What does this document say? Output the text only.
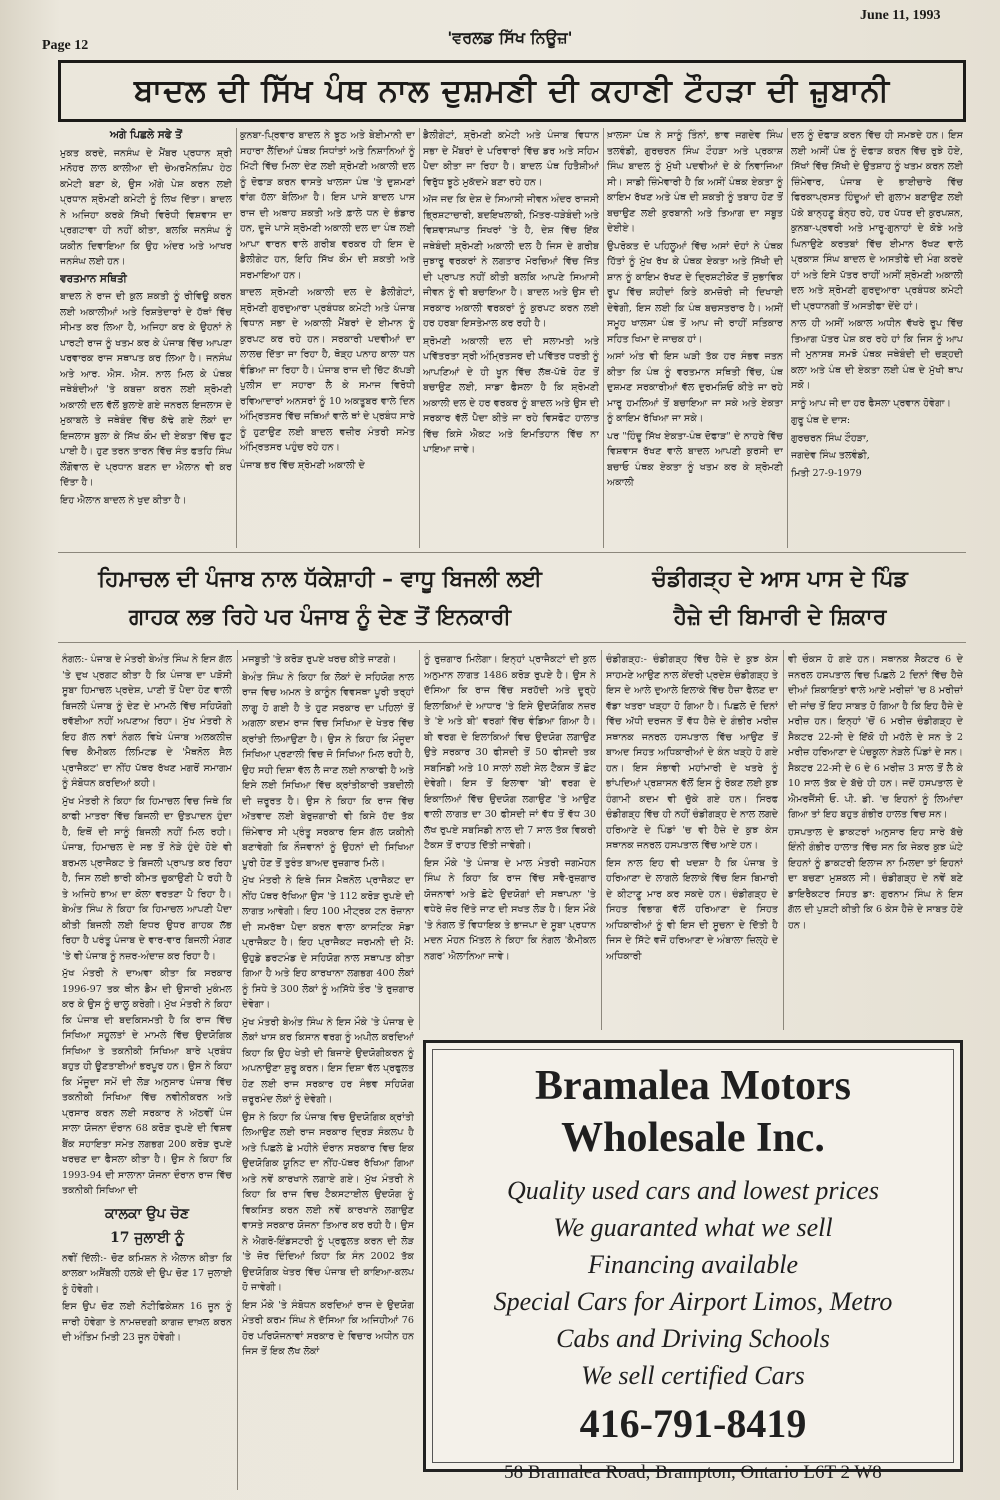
Page 12	'ਵਰਲਡ ਸਿੱਖ ਨਿਊਜ਼'
June 11, 1993
ਬਾਦਲ ਦੀ ਸਿੱਖ ਪੰਥ ਨਾਲ ਦੁਸ਼ਮਣੀ ਦੀ ਕਹਾਣੀ ਟੌਹੜਾ ਦੀ ਜ਼ੁਬਾਨੀ

ਅਗੇ ਪਿਛਲੇ ਸਫੇ ਤੋਂ

ਮੁਕਤ ਕਰਦੇ, ਜਨਸੰਘ ਦੇ ਮੈਂਬਰ ਪ੍ਰਧਾਨ ਸ਼੍ਰੀ ਮਨੋਹਰ ਲਾਲ ਕਾਲੀਆ ਦੀ ਚੇਅਰਮੈਨਸ਼ਿਪ ਹੇਠ ਕਮੇਟੀ ਬਣਾ ਕੇ, ਉਸ ਅੱਗੇ ਪੇਸ਼ ਕਰਨ ਲਈ ਪ੍ਰਧਾਨ ਸ਼੍ਰੋਮਣੀ ਕਮੇਟੀ ਨੂੰ ਲਿਖ ਦਿੱਤਾ। ਬਾਦਲ ਨੇ ਅਜਿਹਾ ਕਰਕੇ ਸਿੱਖੀ ਵਿਰੋਧੀ ਵਿਸ਼ਵਾਸ ਦਾ ਪ੍ਰਗਟਾਵਾ ਹੀ ਨਹੀਂ ਕੀਤਾ, ਬਲਕਿ ਜਨਸੰਘ ਨੂੰ ਯਕੀਨ ਦਿਵਾਇਆ ਕਿ ਉਹ ਅੰਦਰ ਅਤੇ ਆਖਰ ਜਨਸੰਘ ਲਈ ਹਨ।

ਵਰਤਮਾਨ ਸਥਿਤੀ

ਬਾਦਲ ਨੇ ਰਾਜ ਦੀ ਕੁਲ ਸ਼ਕਤੀ ਨੂੰ ਰੀਵਿਊ ਕਰਨ ਲਈ ਅਕਾਲੀਆਂ ਅਤੇ ਰਿਸ਼ਤੇਦਾਰਾਂ ਦੇ ਹੱਥਾਂ ਵਿੱਚ ਸੀਮਤ ਕਰ ਲਿਆ ਹੈ, ਅਜਿਹਾ ਕਰ ਕੇ ਉਹਨਾਂ ਨੇ ਪਾਰਟੀ ਰਾਜ ਨੂੰ ਖਤਮ ਕਰ ਕੇ ਪੰਜਾਬ ਵਿੱਚ ਆਪਣਾ ਪਰਵਾਰਕ ਰਾਜ ਸਥਾਪਤ ਕਰ ਲਿਆ ਹੈ। ਜਨਸੰਘ ਅਤੇ ਆਰ. ਐਸ. ਐਸ. ਨਾਲ ਮਿਲ ਕੇ ਪੰਥਕ ਜਥੇਬੰਦੀਆਂ 'ਤੇ ਕਬਜ਼ਾ ਕਰਨ ਲਈ ਸ਼੍ਰੋਮਣੀ ਅਕਾਲੀ ਦਲ ਵੱਲੋਂ ਬੁਲਾਏ ਗਏ ਜਨਰਲ ਇਜਲਾਸ ਦੇ ਮੁਕਾਬਲੇ ਤੇ ਜਥੇਬੰਦ ਵਿੱਚ ਕੱਢੇ ਗਏ ਲੋਕਾਂ ਦਾ ਇਜਲਾਸ ਬੁਲਾ ਕੇ ਸਿੱਖ ਕੌਮ ਦੀ ਏਕਤਾ ਵਿੱਚ ਫੁਟ ਪਾਈ ਹੈ। ਹੁਣ ਤਰਨ ਤਾਰਨ ਵਿੱਚ ਸੰਤ ਫਤਹਿ ਸਿੰਘ ਲੌਂਗੋਵਾਲ ਦੇ ਪ੍ਰਧਾਨ ਬਣਨ ਦਾ ਐਲਾਨ ਵੀ ਕਰ ਦਿੱਤਾ ਹੈ।

ਇਹ ਐਲਾਨ ਬਾਦਲ ਨੇ ਖੁਦ ਕੀਤਾ ਹੈ।

ਕੁਨਬਾ-ਪ੍ਰਿਵਾਰ ਬਾਦਲ ਨੇ ਝੂਠ ਅਤੇ ਬੇਈਮਾਨੀ ਦਾ ਸਹਾਰਾ ਲੈਂਦਿਆਂ ਪੰਥਕ ਸਿਧਾਂਤਾਂ ਅਤੇ ਨਿਸ਼ਾਨਿਆਂ ਨੂੰ ਮਿੱਟੀ ਵਿੱਚ ਮਿਲਾ ਦੇਣ ਲਈ ਸ਼੍ਰੋਮਣੀ ਅਕਾਲੀ ਦਲ ਨੂੰ ਦੋਫਾੜ ਕਰਨ ਵਾਸਤੇ ਖਾਲਸਾ ਪੰਥ 'ਤੇ ਦੁਸ਼ਮਣਾਂ ਵਾਂਗ ਹੱਲਾ ਬੋਲਿਆ ਹੈ। ਇਸ ਪਾਸੇ ਬਾਦਲ ਪਾਸ ਰਾਜ ਦੀ ਅਥਾਹ ਸ਼ਕਤੀ ਅਤੇ ਫ਼ਾਲੇ ਧਨ ਦੇ ਭੰਡਾਰ ਹਨ, ਦੂਜੇ ਪਾਸੇ ਸ਼੍ਰੋਮਣੀ ਅਕਾਲੀ ਦਲ ਦਾ ਪੰਥ ਲਈ ਆਪਾ ਵਾਰਨ ਵਾਲੇ ਗਰੀਬ ਵਰਕਰ ਹੀ ਇਸ ਦੇ ਡੈਲੀਗੇਟ ਹਨ, ਇਹਿ ਸਿੱਖ ਕੌਮ ਦੀ ਸ਼ਕਤੀ ਅਤੇ ਸਰਮਾਇਆ ਹਨ।

ਬਾਦਲ ਸ਼੍ਰੋਮਣੀ ਅਕਾਲੀ ਦਲ ਦੇ ਡੈਲੀਗੇਟਾਂ, ਸ਼੍ਰੋਮਣੀ ਗੁਰਦੁਆਰਾ ਪ੍ਰਬੰਧਕ ਕਮੇਟੀ ਅਤੇ ਪੰਜਾਬ ਵਿਧਾਨ ਸਭਾ ਦੇ ਅਕਾਲੀ ਮੈਂਬਰਾਂ ਦੇ ਈਮਾਨ ਨੂੰ ਕੁਰਪਟ ਕਰ ਰਹੇ ਹਨ। ਸਰਕਾਰੀ ਪਦਵੀਆਂ ਦਾ ਲਾਲਚ ਦਿੱਤਾ ਜਾ ਰਿਹਾ ਹੈ, ਥੋੜ੍ਹ ਪਨਾਹ ਕਾਲਾ ਧਨ ਵੰਡਿਆ ਜਾ ਰਿਹਾ ਹੈ। ਪੰਜਾਬ ਰਾਜ ਦੀ ਚਿੱਟ ਕੱਪੜੀ ਪੁਲੀਸ ਦਾ ਸਹਾਰਾ ਲੈ ਕੇ ਸਮਾਜ ਵਿਰੋਧੀ ਰਵਿਆਦਾਰਾਂ ਅਨਸਰਾਂ ਨੂੰ 10 ਅਕਤੂਬਰ ਵਾਲੇ ਦਿਨ ਅੰਮ੍ਰਿਤਸਰ ਵਿੱਚ ਜਥਿਆਂ ਵਾਲੇ ਥਾਂ ਦੇ ਪ੍ਰਬੰਧ ਸਾਰੇ ਨੂੰ ਹੁਣਾਉਣ ਲਈ ਬਾਦਲ ਵਜ਼ੀਰ ਮੰਤਰੀ ਸਮੇਤ ਅੰਮ੍ਰਿਤਸਰ ਪਹੁੰਚ ਰਹੇ ਹਨ।

ਪੰਜਾਬ ਭਰ ਵਿੱਚ ਸ਼੍ਰੋਮਣੀ ਅਕਾਲੀ ਦੇ

ਡੈਲੀਗੇਟਾਂ, ਸ਼੍ਰੋਮਣੀ ਕਮੇਟੀ ਅਤੇ ਪੰਜਾਬ ਵਿਧਾਨ ਸਭਾ ਦੇ ਮੈਂਬਰਾਂ ਦੇ ਪਰਿਵਾਰਾਂ ਵਿੱਚ ਡਰ ਅਤੇ ਸਹਿਮ ਪੈਦਾ ਕੀਤਾ ਜਾ ਰਿਹਾ ਹੈ। ਬਾਦਲ ਪੰਥ ਹਿਤੈਸ਼ੀਆਂ ਵਿਰੁੱਧ ਝੂਠੇ ਮੁਕੱਦਮੇ ਬਣਾ ਰਹੇ ਹਨ।

ਅੱਜ ਜਦ ਕਿ ਦੇਸ਼ ਦੇ ਸਿਆਸੀ ਜੀਵਨ ਅੰਦਰ ਰਾਜਸੀ ਭ੍ਰਿਸ਼ਟਾਚਾਰੀ, ਬਦਇਖਲਾਕੀ, ਮਿੱਤਰ-ਧੜੇਬੰਦੀ ਅਤੇ ਵਿਸ਼ਵਾਸਘਾਤ ਸਿਖਰਾਂ 'ਤੇ ਹੈ, ਦੇਸ਼ ਵਿੱਚ ਇੱਕ ਜਥੇਬੰਦੀ ਸ਼੍ਰੋਮਣੀ ਅਕਾਲੀ ਦਲ ਹੈ ਜਿਸ ਦੇ ਗਰੀਬ ਜੁਝਾਰੂ ਵਰਕਰਾਂ ਨੇ ਲਗਤਾਰ ਮੋਰਚਿਆਂ ਵਿੱਚ ਜਿੱਤ ਦੀ ਪ੍ਰਾਪਤ ਨਹੀਂ ਕੀਤੀ ਬਲਕਿ ਆਪਣੇ ਸਿਆਸੀ ਜੀਵਨ ਨੂੰ ਵੀ ਬਚਾਇਆ ਹੈ। ਬਾਦਲ ਅਤੇ ਉਸ ਦੀ ਸਰਕਾਰ ਅਕਾਲੀ ਵਰਕਰਾਂ ਨੂੰ ਕੁਰਪਟ ਕਰਨ ਲਈ ਹਰ ਹਰਬਾ ਇਸਤੇਮਾਲ ਕਰ ਰਹੀ ਹੈ।

ਸ਼੍ਰੋਮਣੀ ਅਕਾਲੀ ਦਲ ਦੀ ਸਲਾਮਤੀ ਅਤੇ ਪਵਿੱਤਰਤਾ ਸ੍ਰੀ ਅੰਮ੍ਰਿਤਸਰ ਦੀ ਪਵਿੱਤਰ ਧਰਤੀ ਨੂੰ ਆਪਣਿਆਂ ਦੇ ਹੀ ਖੂਨ ਵਿੱਚ ਲੱਥ-ਪੱਥੋ ਹੋਣ ਤੋਂ ਬਚਾਉਣ ਲਈ, ਸਾਡਾ ਫੈਸਲਾ ਹੈ ਕਿ ਸ਼੍ਰੋਮਣੀ ਅਕਾਲੀ ਦਲ ਦੇ ਹਰ ਵਰਕਰ ਨੂੰ ਬਾਦਲ ਅਤੇ ਉਸ ਦੀ ਸਰਕਾਰ ਵੱਲੋਂ ਪੈਦਾ ਕੀਤੇ ਜਾ ਰਹੇ ਵਿਸਫੋਟ ਹਾਲਾਤ ਵਿੱਚ ਕਿਸੇ ਐਕਟ ਅਤੇ ਇਮਤਿਹਾਨ ਵਿੱਚ ਨਾ ਪਾਇਆ ਜਾਵੇ।

ਖ਼ਾਲਸਾ ਪੰਥ ਨੇ ਸਾਨੂੰ ਤਿੰਨਾਂ, ਭਾਵ ਜਗਦੇਵ ਸਿੰਘ ਤਲਵੰਡੀ, ਗੁਰਚਰਨ ਸਿੰਘ ਟੌਹੜਾ ਅਤੇ ਪ੍ਰਕਾਸ਼ ਸਿੰਘ ਬਾਦਲ ਨੂੰ ਮੁੱਖੀ ਪਦਵੀਆਂ ਦੇ ਕੇ ਨਿਵਾਜਿਆ ਸੀ। ਸਾਡੀ ਜ਼ਿੰਮੇਵਾਰੀ ਹੈ ਕਿ ਅਸੀਂ ਪੰਥਕ ਏਕਤਾ ਨੂੰ ਕਾਇਮ ਰੱਖਣ ਅਤੇ ਪੰਥ ਦੀ ਸ਼ਕਤੀ ਨੂੰ ਤਬਾਹ ਹੋਣ ਤੋਂ ਬਚਾਉਣ ਲਈ ਕੁਰਬਾਨੀ ਅਤੇ ਤਿਆਗ ਦਾ ਸਬੂਤ ਦੇਈਏ।

ਉਪਰੋਕਤ ਦੋ ਪਹਿਲੂਆਂ ਵਿੱਚ ਅਸਾਂ ਦੋਹਾਂ ਨੇ ਪੰਥਕ ਹਿੱਤਾਂ ਨੂੰ ਮੁੱਖ ਰੱਖ ਕੇ ਪੰਥਕ ਏਕਤਾ ਅਤੇ ਸਿੱਖੀ ਦੀ ਸ਼ਾਨ ਨੂੰ ਕਾਇਮ ਰੱਖਣ ਦੇ ਦ੍ਰਿਸ਼ਟੀਕੋਣ ਤੋਂ ਸੁਭਾਵਿਕ ਰੂਪ ਵਿੱਚ ਸ਼ਹੀਦਾਂ ਕਿਤੇ ਕਮਜ਼ੋਰੀ ਜੀ ਦਿਖਾਈ ਦੇਵੇਗੀ, ਇਸ ਲਈ ਕਿ ਪੰਥ ਬਚਸਤਰਾਰ ਹੈ। ਅਸੀਂ ਸਮੂਹ ਖਾਲਸਾ ਪੰਥ ਤੋਂ ਆਪ ਜੀ ਰਾਹੀਂ ਸਤਿਕਾਰ ਸਹਿਤ ਖਿਮਾ ਦੇ ਜਾਚਕ ਹਾਂ।

ਅਸਾਂ ਅੰਤ ਵੀ ਇਸ ਘੜੀ ਤੱਕ ਹਰ ਸੰਭਵ ਜਤਨ ਕੀਤਾ ਕਿ ਪੰਥ ਨੂੰ ਵਰਤਮਾਨ ਸਥਿਤੀ ਵਿੱਚ, ਪੰਥ ਦੁਸ਼ਮਣ ਸਰਕਾਰੀਆਂ ਵੱਲ ਦੁਰਮਸ਼ਿਓ ਕੀਤੇ ਜਾ ਰਹੇ ਮਾਰੂ ਹਮਲਿਆਂ ਤੋਂ ਬਚਾਇਆ ਜਾ ਸਕੇ ਅਤੇ ਏਕਤਾ ਨੂੰ ਕਾਇਮ ਰੱਖਿਆ ਜਾ ਸਕੇ।

ਪਰ "ਹਿੰਦੂ ਸਿੱਖ ਏਕਤਾ-ਪੰਥ ਦੋਫਾੜ" ਦੇ ਨਾਹਰੇ ਵਿੱਚ ਵਿਸ਼ਵਾਸ ਰੱਖਣ ਵਾਲੇ ਬਾਦਲ ਆਪਣੀ ਕੁਰਸੀ ਦਾ ਬਚਾਓ ਪੰਥਕ ਏਕਤਾ ਨੂੰ ਖਤਮ ਕਰ ਕੇ ਸ਼੍ਰੋਮਣੀ ਅਕਾਲੀ

ਦਲ ਨੂੰ ਦੋਫਾੜ ਕਰਨ ਵਿੱਚ ਹੀ ਸਮਝਦੇ ਹਨ। ਇਸ ਲਈ ਅਸੀਂ ਪੰਥ ਨੂੰ ਦੋਫਾੜ ਕਰਨ ਵਿੱਚ ਰੁਝੇ ਹੋਏ, ਸਿੱਖਾਂ ਵਿੱਚ ਸਿੱਖੀ ਦੇ ਉਤਸ਼ਾਹ ਨੂੰ ਖਤਮ ਕਰਨ ਲਈ ਜ਼ਿੰਮੇਵਾਰ, ਪੰਜਾਬ ਦੇ ਭਾਈਚਾਰੇ ਵਿੱਚ ਫਿਰਕਾਪ੍ਰਸਤ ਹਿੰਦੂਆਂ ਦੀ ਗੁਲਾਮ ਬਣਾਉਣ ਲਈ ਪੱਕੇ ਬਾਨ੍ਹਣੂ ਬੰਨ੍ਹ ਰਹੇ, ਹਰ ਪੱਧਰ ਦੀ ਕੁਰਪਸ਼ਨ, ਕੁਨਬਾ-ਪ੍ਰਵਰੀ ਅਤੇ ਮਾਰੂ-ਗੁਨਾਹਾਂ ਦੇ ਕੋਝੇ ਅਤੇ ਘਿਨਾਉਣੇ ਕਰਤਬਾਂ ਵਿੱਚ ਈਮਾਨ ਰੱਖਣ ਵਾਲੇ ਪ੍ਰਕਾਸ਼ ਸਿੰਘ ਬਾਦਲ ਦੇ ਅਸਤੀਫੇ ਦੀ ਮੰਗ ਕਰਦੇ ਹਾਂ ਅਤੇ ਇਸੇ ਪੱਤਰ ਰਾਹੀਂ ਅਸੀਂ ਸ਼੍ਰੋਮਣੀ ਅਕਾਲੀ ਦਲ ਅਤੇ ਸ਼੍ਰੋਮਣੀ ਗੁਰਦੁਆਰਾ ਪ੍ਰਬੰਧਕ ਕਮੇਟੀ ਦੀ ਪ੍ਰਧਾਨਗੀ ਤੋਂ ਅਸਤੀਫਾ ਦੇਂਦੇ ਹਾਂ।

ਨਾਲ ਹੀ ਅਸੀਂ ਅਕਾਲ ਅਧੀਨ ਵੱਖਰੇ ਰੂਪ ਵਿੱਚ ਤਿਆਗ ਪੱਤਰ ਪੇਸ਼ ਕਰ ਰਹੇ ਹਾਂ ਕਿ ਜਿਸ ਨੂੰ ਆਪ ਜੀ ਮੁਨਾਸਬ ਸਮਝੋ ਪੰਥਕ ਜਥੇਬੰਦੀ ਦੀ ਚੜ੍ਹਦੀ ਕਲਾ ਅਤੇ ਪੰਥ ਦੀ ਏਕਤਾ ਲਈ ਪੰਥ ਦੇ ਮੁੱਖੀ ਥਾਪ ਸਕੋ।

ਸਾਨੂੰ ਆਪ ਜੀ ਦਾ ਹਰ ਫੈਸਲਾ ਪ੍ਰਵਾਨ ਹੋਵੇਗਾ।

ਗੁਰੂ ਪੰਥ ਦੇ ਦਾਸ:

ਗੁਰਚਰਨ ਸਿੰਘ ਟੌਹੜਾ,

ਜਗਦੇਵ ਸਿੰਘ ਤਲਵੰਡੀ,

ਮਿਤੀ 27-9-1979

ਹਿਮਾਚਲ ਦੀ ਪੰਜਾਬ ਨਾਲ ਧੱਕੇਸ਼ਾਹੀ – ਵਾਧੂ ਬਿਜਲੀ ਲਈ
ਗਾਹਕ ਲਭ ਰਿਹੇ ਪਰ ਪੰਜਾਬ ਨੂੰ ਦੇਣ ਤੋਂ ਇਨਕਾਰੀ
ਚੰਡੀਗੜ੍ਹ ਦੇ ਆਸ ਪਾਸ ਦੇ ਪਿੰਡ
ਹੈਜ਼ੇ ਦੀ ਬਿਮਾਰੀ ਦੇ ਸ਼ਿਕਾਰ

ਨੰਗਲ:- ਪੰਜਾਬ ਦੇ ਮੰਤਰੀ ਬੇਅੰਤ ਸਿੰਘ ਨੇ ਇਸ ਗੱਲ 'ਤੇ ਦੁਖ ਪ੍ਰਗਟ ਕੀਤਾ ਹੈ ਕਿ ਪੰਜਾਬ ਦਾ ਪੜੋਸੀ ਸੂਬਾ ਹਿਮਾਚਲ ਪ੍ਰਦੇਸ਼, ਪਾਣੀ ਤੋਂ ਪੈਦਾ ਹੋਣ ਵਾਲੀ ਬਿਜਲੀ ਪੰਜਾਬ ਨੂੰ ਦੇਣ ਦੇ ਮਾਮਲੇ ਵਿੱਚ ਸਹਿਯੋਗੀ ਰਵੱਈਆ ਨਹੀਂ ਅਪਣਾਅ ਰਿਹਾ। ਮੁੱਖ ਮੰਤਰੀ ਨੇ ਇਹ ਗੱਲ ਨਵਾਂ ਨੰਗਲ ਵਿਖੇ ਪੰਜਾਬ ਅਲਕਲੀਜ਼ ਵਿਚ ਕੈਮੀਕਲ ਲਿਮਿਟਡ ਦੇ 'ਮੈਥਨੋਲ ਸੈਲ ਪ੍ਰਾਜੈਕਟ' ਦਾ ਨੀਂਹ ਪੱਥਰ ਰੱਖਣ ਮਗਰੋਂ ਸਮਾਗਮ ਨੂੰ ਸੰਬੋਧਨ ਕਰਦਿਆਂ ਕਹੀ।

ਮੁੱਖ ਮੰਤਰੀ ਨੇ ਕਿਹਾ ਕਿ ਹਿਮਾਚਲ ਵਿਚ ਜਿਥੇ ਕਿ ਕਾਫੀ ਮਾਤਰਾ ਵਿੱਚ ਬਿਜਲੀ ਦਾ ਉਤਪਾਦਨ ਹੁੰਦਾ ਹੈ, ਇਥੋਂ ਦੀ ਸਾਨੂੰ ਬਿਜਲੀ ਨਹੀਂ ਮਿਲ ਰਹੀ। ਪੰਜਾਬ, ਹਿਮਾਚਲ ਦੇ ਸਭ ਤੋਂ ਨੇੜੇ ਹੁੰਦੇ ਹੋਏ ਵੀ ਬਰਮਲ ਪ੍ਰਾਜੈਕਟ ਤੇ ਬਿਜਲੀ ਪ੍ਰਾਪਤ ਕਰ ਰਿਹਾ ਹੈ, ਜਿਸ ਲਈ ਭਾਰੀ ਕੀਮਤ ਚੁਕਾਉਣੀ ਪੈ ਰਹੀ ਹੈ ਤੇ ਅਜਿਹੇ ਭਾਅ ਦਾ ਕੋਲਾ ਵਰਤਣਾ ਪੈ ਰਿਹਾ ਹੈ। ਬੇਅੰਤ ਸਿੰਘ ਨੇ ਕਿਹਾ ਕਿ ਹਿਮਾਚਲ ਆਪਣੀ ਪੈਦਾ ਕੀਤੀ ਬਿਜਲੀ ਲਈ ਇਧਰ ਉਧਰ ਗਾਹਕ ਲੱਭ ਰਿਹਾ ਹੈ ਪਰੰਤੂ ਪੰਜਾਬ ਦੇ ਵਾਰ-ਵਾਰ ਬਿਜਲੀ ਮੰਗਣ 'ਤੇ ਵੀ ਪੰਜਾਬ ਨੂੰ ਨਜ਼ਰ-ਅੰਦਾਜ਼ ਕਰ ਰਿਹਾ ਹੈ।

ਮੁੱਖ ਮੰਤਰੀ ਨੇ ਦਾਅਵਾ ਕੀਤਾ ਕਿ ਸਰਕਾਰ 1996-97 ਤਕ ਥੀਨ ਡੈਮ ਦੀ ਉਸਾਰੀ ਮੁਕੰਮਲ ਕਰ ਕੇ ਉਸ ਨੂੰ ਚਾਲੂ ਕਰੇਗੀ। ਮੁੱਖ ਮੰਤਰੀ ਨੇ ਕਿਹਾ ਕਿ ਪੰਜਾਬ ਦੀ ਬਦਕਿਸਮਤੀ ਹੈ ਕਿ ਰਾਜ ਵਿੱਚ ਸਿਖਿਆ ਸਹੂਲਤਾਂ ਦੇ ਮਾਮਲੇ ਵਿੱਚ ਉਦਯੋਗਿਕ ਸਿਖਿਆ ਤੇ ਤਕਨੀਕੀ ਸਿਖਿਆ ਬਾਰੇ ਪ੍ਰਬੰਧ ਬਹੁਤ ਹੀ ਊਣਤਾਈਆਂ ਭਰਪੂਰ ਹਨ। ਉਸ ਨੇ ਕਿਹਾ ਕਿ ਮੌਜੂਦਾ ਸਮੇਂ ਦੀ ਲੋੜ ਅਨੁਸਾਰ ਪੰਜਾਬ ਵਿੱਚ ਤਕਨੀਕੀ ਸਿਖਿਆ ਵਿੱਚ ਨਵੀਨੀਕਰਨ ਅਤੇ ਪ੍ਰਸਾਰ ਕਰਨ ਲਈ ਸਰਕਾਰ ਨੇ ਅੱਠਵੀਂ ਪੰਜ ਸਾਲਾ ਯੋਜਨਾ ਦੌਰਾਨ 68 ਕਰੋੜ ਰੁਪਏ ਦੀ ਵਿਸ਼ਵ ਬੈਂਕ ਸਹਾਇਤਾ ਸਮੇਤ ਲਗਭਗ 200 ਕਰੋੜ ਰੁਪਏ ਖਰਚਣ ਦਾ ਫੈਸਲਾ ਕੀਤਾ ਹੈ। ਉਸ ਨੇ ਕਿਹਾ ਕਿ 1993-94 ਦੀ ਸਾਲਾਨਾ ਯੋਜਨਾ ਦੌਰਾਨ ਰਾਜ ਵਿੱਚ ਤਕਨੀਕੀ ਸਿਖਿਆ ਦੀ

ਕਾਲਕਾ ਉਪ ਚੋਣ

17 ਜੁਲਾਈ ਨੂੰ

ਨਵੀਂ ਦਿੱਲੀ:- ਚੋਣ ਕਮਿਸ਼ਨ ਨੇ ਐਲਾਨ ਕੀਤਾ ਕਿ ਕਾਲਕਾ ਅਸੈਂਬਲੀ ਹਲਕੇ ਦੀ ਉਪ ਚੋਣ 17 ਜੁਲਾਈ ਨੂੰ ਹੋਵੇਗੀ।

ਇਸ ਉਪ ਚੋਣ ਲਈ ਨੋਟੀਫਿਕੇਸ਼ਨ 16 ਜੂਨ ਨੂੰ ਜਾਰੀ ਹੋਵੇਗਾ ਤੇ ਨਾਮਜ਼ਦਗੀ ਕਾਗਜ਼ ਦਾਖ਼ਲ ਕਰਨ ਦੀ ਅੰਤਿਮ ਮਿਤੀ 23 ਜੂਨ ਹੋਵੇਗੀ।

ਮਜਬੂਤੀ 'ਤੇ ਕਰੋੜ ਰੁਪਏ ਖਰਚ ਕੀਤੇ ਜਾਣਗੇ।

ਬੇਅੰਤ ਸਿੰਘ ਨੇ ਕਿਹਾ ਕਿ ਲੋਕਾਂ ਦੇ ਸਹਿਯੋਗ ਨਾਲ ਰਾਜ ਵਿਚ ਅਮਨ ਤੇ ਕਾਨੂੰਨ ਵਿਵਸਥਾ ਪੂਰੀ ਤਰ੍ਹਾਂ ਲਾਗੂ ਹੋ ਗਈ ਹੈ ਤੇ ਹੁਣ ਸਰਕਾਰ ਦਾ ਪਹਿਲਾਂ ਤੋਂ ਅਗਲਾ ਕਦਮ ਰਾਜ ਵਿਚ ਸਿਖਿਆ ਦੇ ਖੇਤਰ ਵਿੱਚ ਕ੍ਰਾਂਤੀ ਲਿਆਉਣਾ ਹੈ। ਉਸ ਨੇ ਕਿਹਾ ਕਿ ਮੌਜੂਦਾ ਸਿਖਿਆ ਪ੍ਰਣਾਲੀ ਵਿਚ ਜੋ ਸਿਖਿਆ ਮਿਲ ਰਹੀ ਹੈ, ਉਹ ਸਹੀ ਦਿਸ਼ਾ ਵੱਲ ਲੈ ਜਾਣ ਲਈ ਨਾਕਾਫੀ ਹੈ ਅਤੇ ਇਸੇ ਲਈ ਸਿਖਿਆ ਵਿੱਚ ਕ੍ਰਾਂਤੀਕਾਰੀ ਤਬਦੀਲੀ ਦੀ ਜ਼ਰੂਰਤ ਹੈ। ਉਸ ਨੇ ਕਿਹਾ ਕਿ ਰਾਜ ਵਿੱਚ ਅੱਤਵਾਦ ਲਈ ਬੇਰੁਜ਼ਗਾਰੀ ਵੀ ਕਿਸੇ ਹੱਦ ਤੱਕ ਜ਼ਿੰਮੇਵਾਰ ਸੀ ਪ੍ਰੰਤੂ ਸਰਕਾਰ ਇਸ ਗੱਲ ਯਕੀਨੀ ਬਣਾਵੇਗੀ ਕਿ ਨੌਜਵਾਨਾਂ ਨੂੰ ਉਹਨਾਂ ਦੀ ਸਿਖਿਆ ਪੂਰੀ ਹੋਣ ਤੋਂ ਤੁਰੰਤ ਬਾਅਦ ਰੁਜ਼ਗਾਰ ਮਿਲੇ।

ਮੁੱਖ ਮੰਤਰੀ ਨੇ ਇਥੇ ਜਿਸ ਮੈਥਨੋਲ ਪ੍ਰਾਜੈਕਟ ਦਾ ਨੀਂਹ ਪੱਥਰ ਰੱਖਿਆ ਉਸ 'ਤੇ 112 ਕਰੋੜ ਰੁਪਏ ਦੀ ਲਾਗਤ ਆਵੇਗੀ। ਇਹ 100 ਮੀਟ੍ਰਕ ਟਨ ਰੋਜ਼ਾਨਾ ਦੀ ਸਮਰੱਥਾ ਪੈਦਾ ਕਰਨ ਵਾਲਾ ਕਾਸਟਿਕ ਸੋਡਾ ਪ੍ਰਾਜੈਕਟ ਹੈ। ਇਹ ਪ੍ਰਾਜੈਕਟ ਜਰਮਨੀ ਦੀ ਮੈਂ: ਉਹੁਡੇ ਡਰਟਮੰਡ ਦੇ ਸਹਿਯੋਗ ਨਾਲ ਸਥਾਪਤ ਕੀਤਾ ਗਿਆ ਹੈ ਅਤੇ ਇਹ ਕਾਰਖਾਨਾ ਲਗਭਗ 400 ਲੋਕਾਂ ਨੂੰ ਸਿਧੇ ਤੇ 300 ਲੋਕਾਂ ਨੂੰ ਅਸਿੱਧੇ ਤੌਰ 'ਤੇ ਰੁਜ਼ਗਾਰ ਦੇਵੇਗਾ।

ਮੁੱਖ ਮੰਤਰੀ ਬੇਅੰਤ ਸਿੰਘ ਨੇ ਇਸ ਮੌਕੇ 'ਤੇ ਪੰਜਾਬ ਦੇ ਲੋਕਾਂ ਖਾਸ ਕਰ ਕਿਸਾਨ ਵਰਗ ਨੂੰ ਅਪੀਲ ਕਰਦਿਆਂ ਕਿਹਾ ਕਿ ਉਹ ਖੇਤੀ ਦੀ ਬਿਜਾਏ ਉਦਯੋਗੀਕਰਨ ਨੂੰ ਅਪਨਾਉਣਾ ਸ਼ੁਰੂ ਕਰਨ। ਇਸ ਦਿਸ਼ਾ ਵੱਲ ਪ੍ਰਫੁਲਤ ਹੋਣ ਲਈ ਰਾਜ ਸਰਕਾਰ ਹਰ ਸੰਭਵ ਸਹਿਯੋਗ ਜ਼ਰੂਰਮੰਦ ਲੋਕਾਂ ਨੂੰ ਦੇਵੇਗੀ।

ਉਸ ਨੇ ਕਿਹਾ ਕਿ ਪੰਜਾਬ ਵਿਚ ਉਦਯੋਗਿਕ ਕ੍ਰਾਂਤੀ ਲਿਆਉਣ ਲਈ ਰਾਜ ਸਰਕਾਰ ਦ੍ਰਿੜ ਸੰਕਲਪ ਹੈ ਅਤੇ ਪਿਛਲੇ ਛੇ ਮਹੀਨੇ ਦੌਰਾਨ ਸਰਕਾਰ ਵਿਚ ਇਕ ਉਦਯੋਗਿਕ ਯੂਨਿਟ ਦਾ ਨੀਂਹ-ਪੱਥਰ ਰੱਖਿਆ ਗਿਆ ਅਤੇ ਨਵੇਂ ਕਾਰਖਾਨੇ ਲਗਾਏ ਗਏ। ਮੁੱਖ ਮੰਤਰੀ ਨੇ ਕਿਹਾ ਕਿ ਰਾਜ ਵਿਚ ਟੈਕਸਟਾਈਲ ਉਦਯੋਗ ਨੂੰ ਵਿਕਸਿਤ ਕਰਨ ਲਈ ਨਵੇਂ ਕਾਰਖਾਨੇ ਲਗਾਉਣ ਵਾਸਤੇ ਸਰਕਾਰ ਯੋਜਨਾ ਤਿਆਰ ਕਰ ਰਹੀ ਹੈ। ਉਸ ਨੇ ਐਗਰੋ-ਇੰਡਸਟਰੀ ਨੂੰ ਪ੍ਰਫੁਲਤ ਕਰਨ ਦੀ ਲੋੜ 'ਤੇ ਜ਼ੋਰ ਦਿੰਦਿਆਂ ਕਿਹਾ ਕਿ ਸੰਨ 2002 ਤੱਕ ਉਦਯੋਗਿਕ ਖੇਤਰ ਵਿੱਚ ਪੰਜਾਬ ਦੀ ਕਾਇਆ-ਕਲਪ ਹੋ ਜਾਵੇਗੀ।

ਇਸ ਮੌਕੇ 'ਤੇ ਸੰਬੋਧਨ ਕਰਦਿਆਂ ਰਾਜ ਦੇ ਉਦਯੋਗ ਮੰਤਰੀ ਕਰਮ ਸਿੰਘ ਨੇ ਦੱਸਿਆ ਕਿ ਅਜਿਹੀਆਂ 76 ਹੋਰ ਪਰਿਯੋਜਨਾਵਾਂ ਸਰਕਾਰ ਦੇ ਵਿਚਾਰ ਅਧੀਨ ਹਨ ਜਿਸ ਤੋਂ ਇਕ ਲੱਖ ਲੋਕਾਂ

ਨੂੰ ਰੁਜ਼ਗਾਰ ਮਿਲੇਗਾ। ਇਨ੍ਹਾਂ ਪ੍ਰਾਜੈਕਟਾਂ ਦੀ ਕੁਲ ਅਨੁਮਾਨ ਲਾਗਤ 1486 ਕਰੋੜ ਰੁਪਏ ਹੈ। ਉਸ ਨੇ ਦੱਸਿਆ ਕਿ ਰਾਜ ਵਿੱਚ ਸਰਹੱਦੀ ਅਤੇ ਦੂਰ੍ਹੇ ਇਲਾਕਿਆਂ ਦੇ ਆਧਾਰ 'ਤੇ ਇਸੇ ਉਦਯੋਗਿਕ ਨਜ਼ਰ ਤੇ 'ਏ ਅਤੇ ਬੀ' ਵਰਗਾਂ ਵਿੱਚ ਵੰਡਿਆ ਗਿਆ ਹੈ। ਬੀ ਵਰਗ ਦੇ ਇਲਾਕਿਆਂ ਵਿਚ ਉਦਯੋਗ ਲਗਾਉਣ ਉਤੇ ਸਰਕਾਰ 30 ਫੀਸਦੀ ਤੋਂ 50 ਫੀਸਦੀ ਤਕ ਸਬਸਿਡੀ ਅਤੇ 10 ਸਾਲਾਂ ਲਈ ਸੇਲ ਟੈਕਸ ਤੋਂ ਛੋਟ ਦੇਵੇਗੀ। ਇਸ ਤੋਂ ਇਲਾਵਾ 'ਬੀ' ਵਰਗ ਦੇ ਇਕਾਲਿਆਂ ਵਿੱਚ ਉਦਯੋਗ ਲਗਾਉਣ 'ਤੇ ਆਉਣ ਵਾਲੀ ਲਾਗਤ ਦਾ 30 ਫੀਸਦੀ ਜਾਂ ਵੱਧ ਤੋਂ ਵੱਧ 30 ਲੱਖ ਰੁਪਏ ਸਬਸਿਡੀ ਨਾਲ ਦੀ 7 ਸਾਲ ਤੱਕ ਵਿਕਰੀ ਟੈਕਸ ਤੋਂ ਰਾਹਤ ਦਿੱਤੀ ਜਾਵੇਗੀ।

ਇਸ ਮੌਕੇ 'ਤੇ ਪੰਜਾਬ ਦੇ ਮਾਲ ਮੰਤਰੀ ਜਗਮੋਹਨ ਸਿੰਘ ਨੇ ਕਿਹਾ ਕਿ ਰਾਜ ਵਿੱਚ ਸਵੈ-ਰੁਜ਼ਗਾਰ ਯੋਜਨਾਵਾਂ ਅਤੇ ਛੋਟੇ ਉਦਯੋਗਾਂ ਦੀ ਸਥਾਪਨਾ 'ਤੇ ਵਧੇਰੇ ਜ਼ੋਰ ਦਿੱਤੇ ਜਾਣ ਦੀ ਸਖਤ ਲੋੜ ਹੈ। ਇਸ ਮੌਕੇ 'ਤੇ ਨੰਗਲ ਤੋਂ ਵਿਧਾਇਕ ਤੇ ਭਾਜਪਾ ਦੇ ਸੂਬਾ ਪ੍ਰਧਾਨ ਮਦਨ ਮੋਹਨ ਮਿੱਤਲ ਨੇ ਕਿਹਾ ਕਿ ਨੰਗਲ 'ਕੈਮੀਕਲ ਨਗਰ' ਐਲਾਨਿਆ ਜਾਵੇ।

ਚੰਡੀਗੜ੍ਹ:- ਚੰਡੀਗੜ੍ਹ ਵਿੱਚ ਹੈਜ਼ੇ ਦੇ ਕੁਝ ਕੇਸ ਸਾਹਮਣੇ ਆਉਣ ਨਾਲ ਕੇਂਦਰੀ ਪ੍ਰਦੇਸ਼ ਚੰਡੀਗੜ੍ਹ ਤੇ ਇਸ ਦੇ ਆਲੇ ਦੁਆਲੇ ਇਲਾਕੇ ਵਿੱਚ ਹੈਜ਼ਾ ਫੈਲਣ ਦਾ ਵੱਡਾ ਖਤਰਾ ਖੜ੍ਹਾ ਹੋ ਗਿਆ ਹੈ। ਪਿਛਲੇ ਦੋ ਦਿਨਾਂ ਵਿੱਚ ਅੱਧੀ ਦਰਜਨ ਤੋਂ ਵੱਧ ਹੈਜ਼ੇ ਦੇ ਗੰਭੀਰ ਮਰੀਜ਼ ਸਥਾਨਕ ਜਨਰਲ ਹਸਪਤਾਲ ਵਿੱਚ ਆਉਣ ਤੋਂ ਬਾਅਦ ਸਿਹਤ ਅਧਿਕਾਰੀਆਂ ਦੇ ਕੰਨ ਖੜ੍ਹੇ ਹੋ ਗਏ ਹਨ। ਇਸ ਸੰਭਾਵੀ ਮਹਾਂਮਾਰੀ ਦੇ ਖਤਰੇ ਨੂੰ ਭਾਂਪਦਿਆਂ ਪ੍ਰਸ਼ਾਸਨ ਵੱਲੋਂ ਇਸ ਨੂੰ ਰੋਕਣ ਲਈ ਕੁਝ ਹੰਗਾਮੀ ਕਦਮ ਵੀ ਚੁੱਕੇ ਗਏ ਹਨ। ਸਿਰਫ ਚੰਡੀਗੜ੍ਹ ਵਿੱਚ ਹੀ ਨਹੀਂ ਚੰਡੀਗੜ੍ਹ ਦੇ ਨਾਲ ਲਗਦੇ ਹਰਿਆਣੇ ਦੇ ਪਿੰਡਾਂ 'ਚ ਵੀ ਹੈਜ਼ੇ ਦੇ ਕੁਝ ਕੇਸ ਸਥਾਨਕ ਜਨਰਲ ਹਸਪਤਾਲ ਵਿੱਚ ਆਏ ਹਨ।

ਇਸ ਨਾਲ ਇਹ ਵੀ ਖਦਸ਼ਾ ਹੈ ਕਿ ਪੰਜਾਬ ਤੇ ਹਰਿਆਣਾ ਦੇ ਲਾਗਲੇ ਇਲਾਕੇ ਵਿੱਚ ਇਸ ਬਿਮਾਰੀ ਦੇ ਕੀਟਾਣੂ ਮਾਰ ਕਰ ਸਕਦੇ ਹਨ। ਚੰਡੀਗੜ੍ਹ ਦੇ ਸਿਹਤ ਵਿਭਾਗ ਵੱਲੋਂ ਹਰਿਆਣਾ ਦੇ ਸਿਹਤ ਅਧਿਕਾਰੀਆਂ ਨੂੰ ਵੀ ਇਸ ਦੀ ਸੂਚਨਾ ਦੇ ਦਿੱਤੀ ਹੈ ਜਿਸ ਦੇ ਸਿੱਟੇ ਵਜੋਂ ਹਰਿਆਣਾ ਦੇ ਅੰਬਾਲਾ ਜ਼ਿਲ੍ਹੇ ਦੇ ਅਧਿਕਾਰੀ

ਵੀ ਚੌਕਸ ਹੋ ਗਏ ਹਨ। ਸਥਾਨਕ ਸੈਕਟਰ 6 ਦੇ ਜਨਰਲ ਹਸਪਤਾਲ ਵਿਚ ਪਿਛਲੇ 2 ਦਿਨਾਂ ਵਿੱਚ ਹੈਜ਼ੇ ਦੀਆਂ ਸ਼ਿਕਾਇਤਾਂ ਵਾਲੇ ਆਏ ਮਰੀਜ਼ਾਂ 'ਚ 8 ਮਰੀਜ਼ਾਂ ਦੀ ਜਾਂਚ ਤੋਂ ਇਹ ਸਾਬਤ ਹੋ ਗਿਆ ਹੈ ਕਿ ਇਹ ਹੈਜ਼ੇ ਦੇ ਮਰੀਜ਼ ਹਨ। ਇਨ੍ਹਾਂ 'ਚੋਂ 6 ਮਰੀਜ਼ ਚੰਡੀਗੜ੍ਹ ਦੇ ਸੈਕਟਰ 22-ਸੀ ਦੇ ਇੱਕੋ ਹੀ ਮਹੱਲੇ ਦੇ ਸਨ ਤੇ 2 ਮਰੀਜ਼ ਹਰਿਆਣਾ ਦੇ ਪੰਚਕੂਲਾ ਨੇੜਲੇ ਪਿੰਡਾਂ ਦੇ ਸਨ। ਸੈਕਟਰ 22-ਸੀ ਦੇ 6 ਦੇ 6 ਮਰੀਜ਼ 3 ਸਾਲ ਤੋਂ ਲੈ ਕੇ 10 ਸਾਲ ਤੱਕ ਦੇ ਬੱਚੇ ਹੀ ਹਨ। ਜਦੋਂ ਹਸਪਤਾਲ ਦੇ ਐਮਰਜੈਂਸੀ ਓ. ਪੀ. ਡੀ. 'ਚ ਇਹਨਾਂ ਨੂੰ ਲਿਆਂਦਾ ਗਿਆ ਤਾਂ ਇਹ ਬਹੁਤ ਗੰਭੀਰ ਹਾਲਤ ਵਿਚ ਸਨ।

ਹਸਪਤਾਲ ਦੇ ਡਾਕਟਰਾਂ ਅਨੁਸਾਰ ਇਹ ਸਾਰੇ ਬੱਚੇ ਇੰਨੀ ਗੰਭੀਰ ਹਾਲਾਤ ਵਿੱਚ ਸਨ ਕਿ ਜੇਕਰ ਕੁਝ ਘੰਟੇ ਇਹਨਾਂ ਨੂੰ ਡਾਕਟਰੀ ਇਲਾਜ ਨਾ ਮਿਲਦਾ ਤਾਂ ਇਹਨਾਂ ਦਾ ਬਚਣਾ ਮੁਸ਼ਕਲ ਸੀ। ਚੰਡੀਗੜ੍ਹ ਦੇ ਨਵੇਂ ਬਣੇ ਡਾਇਰੈਕਟਰ ਸਿਹਤ ਡਾ: ਗੁਰਨਾਮ ਸਿੰਘ ਨੇ ਇਸ ਗੱਲ ਦੀ ਪੁਸ਼ਟੀ ਕੀਤੀ ਕਿ 6 ਕੇਸ ਹੈਜ਼ੇ ਦੇ ਸਾਬਤ ਹੋਏ ਹਨ।

Bramalea Motors
Wholesale Inc.
Quality used cars and lowest prices
We guaranted what we sell
Financing available
Special Cars for Airport Limos, Metro
Cabs and Driving Schools
We sell certified Cars
416-791-8419
58 Bramalea Road, Brampton, Ontario L6T 2 W8
